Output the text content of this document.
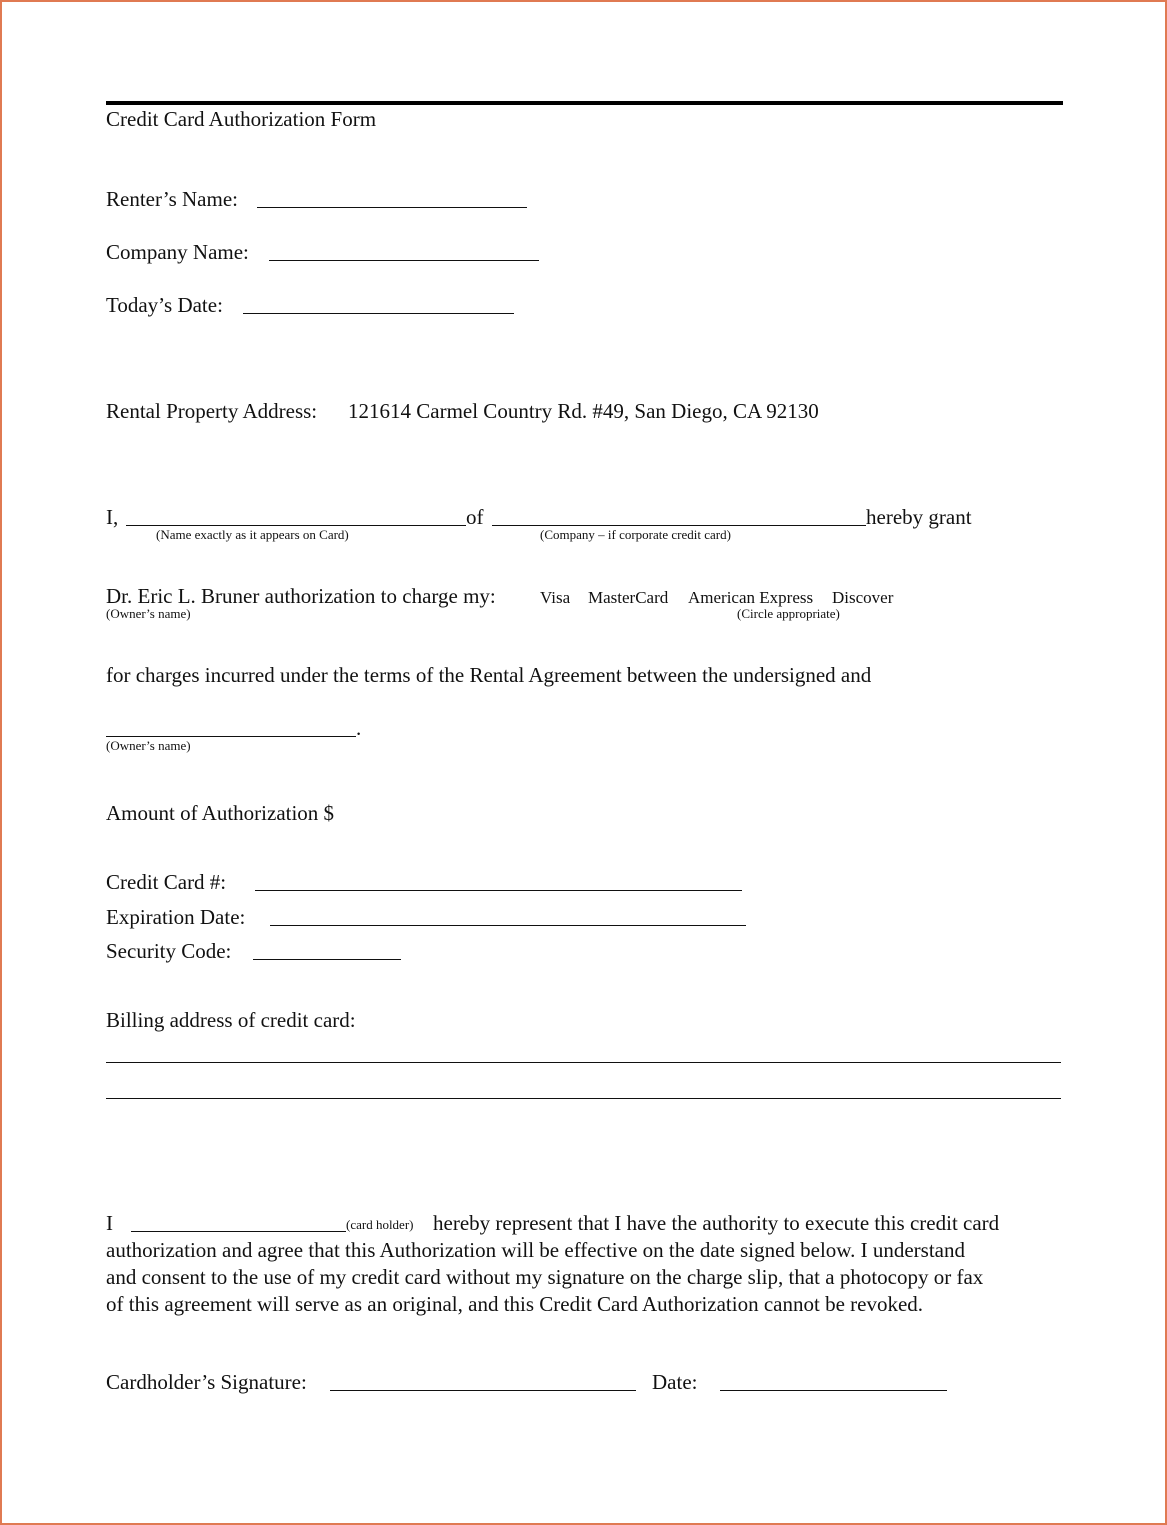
Credit Card Authorization Form
Renter’s Name:
Company Name:
Today’s Date:
Rental Property Address: 121614 Carmel Country Rd. #49, San Diego, CA 92130
I,	of	hereby grant
(Name exactly as it appears on Card)	(Company – if corporate credit card)
Dr. Eric L. Bruner authorization to charge my:	Visa MasterCard American Express Discover
(Owner’s name)	(Circle appropriate)
for charges incurred under the terms of the Rental Agreement between the undersigned and
.
(Owner’s name)
Amount of Authorization $
Credit Card #:
Expiration Date:
Security Code:
Billing address of credit card:
I	(card holder) hereby represent that I have the authority to execute this credit card
authorization and agree that this Authorization will be effective on the date signed below. I understand
and consent to the use of my credit card without my signature on the charge slip, that a photocopy or fax
of this agreement will serve as an original, and this Credit Card Authorization cannot be revoked.
Cardholder’s Signature:	Date:
